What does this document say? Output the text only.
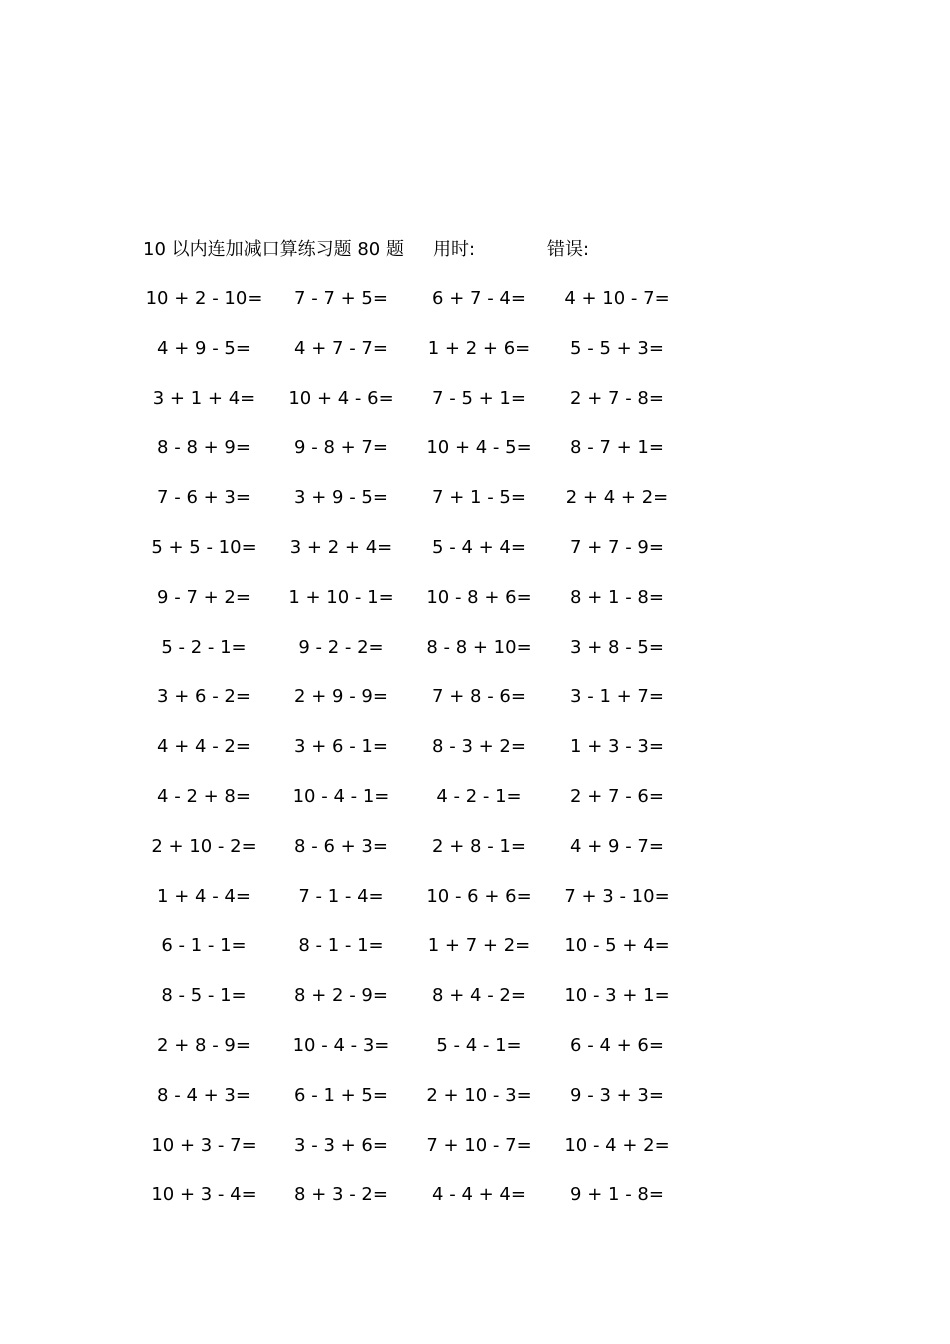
10 以内连加减口算练习题 80 题 用时:	错误:
10 + 2 - 10=	7 - 7 + 5=	6 + 7 - 4=	4 + 10 - 7=
4 + 9 - 5=	4 + 7 - 7=	1 + 2 + 6=	5 - 5 + 3=
3 + 1 + 4=	10 + 4 - 6=	7 - 5 + 1=	2 + 7 - 8=
8 - 8 + 9=	9 - 8 + 7=	10 + 4 - 5=	8 - 7 + 1=
7 - 6 + 3=	3 + 9 - 5=	7 + 1 - 5=	2 + 4 + 2=
5 + 5 - 10=	3 + 2 + 4=	5 - 4 + 4=	7 + 7 - 9=
9 - 7 + 2=	1 + 10 - 1=	10 - 8 + 6=	8 + 1 - 8=
5 - 2 - 1=	9 - 2 - 2=	8 - 8 + 10=	3 + 8 - 5=
3 + 6 - 2=	2 + 9 - 9=	7 + 8 - 6=	3 - 1 + 7=
4 + 4 - 2=	3 + 6 - 1=	8 - 3 + 2=	1 + 3 - 3=
4 - 2 + 8=	10 - 4 - 1=	4 - 2 - 1=	2 + 7 - 6=
2 + 10 - 2=	8 - 6 + 3=	2 + 8 - 1=	4 + 9 - 7=
1 + 4 - 4=	7 - 1 - 4=	10 - 6 + 6=	7 + 3 - 10=
6 - 1 - 1=	8 - 1 - 1=	1 + 7 + 2=	10 - 5 + 4=
8 - 5 - 1=	8 + 2 - 9=	8 + 4 - 2=	10 - 3 + 1=
2 + 8 - 9=	10 - 4 - 3=	5 - 4 - 1=	6 - 4 + 6=
8 - 4 + 3=	6 - 1 + 5=	2 + 10 - 3=	9 - 3 + 3=
10 + 3 - 7=	3 - 3 + 6=	7 + 10 - 7=	10 - 4 + 2=
10 + 3 - 4=	8 + 3 - 2=	4 - 4 + 4=	9 + 1 - 8=
